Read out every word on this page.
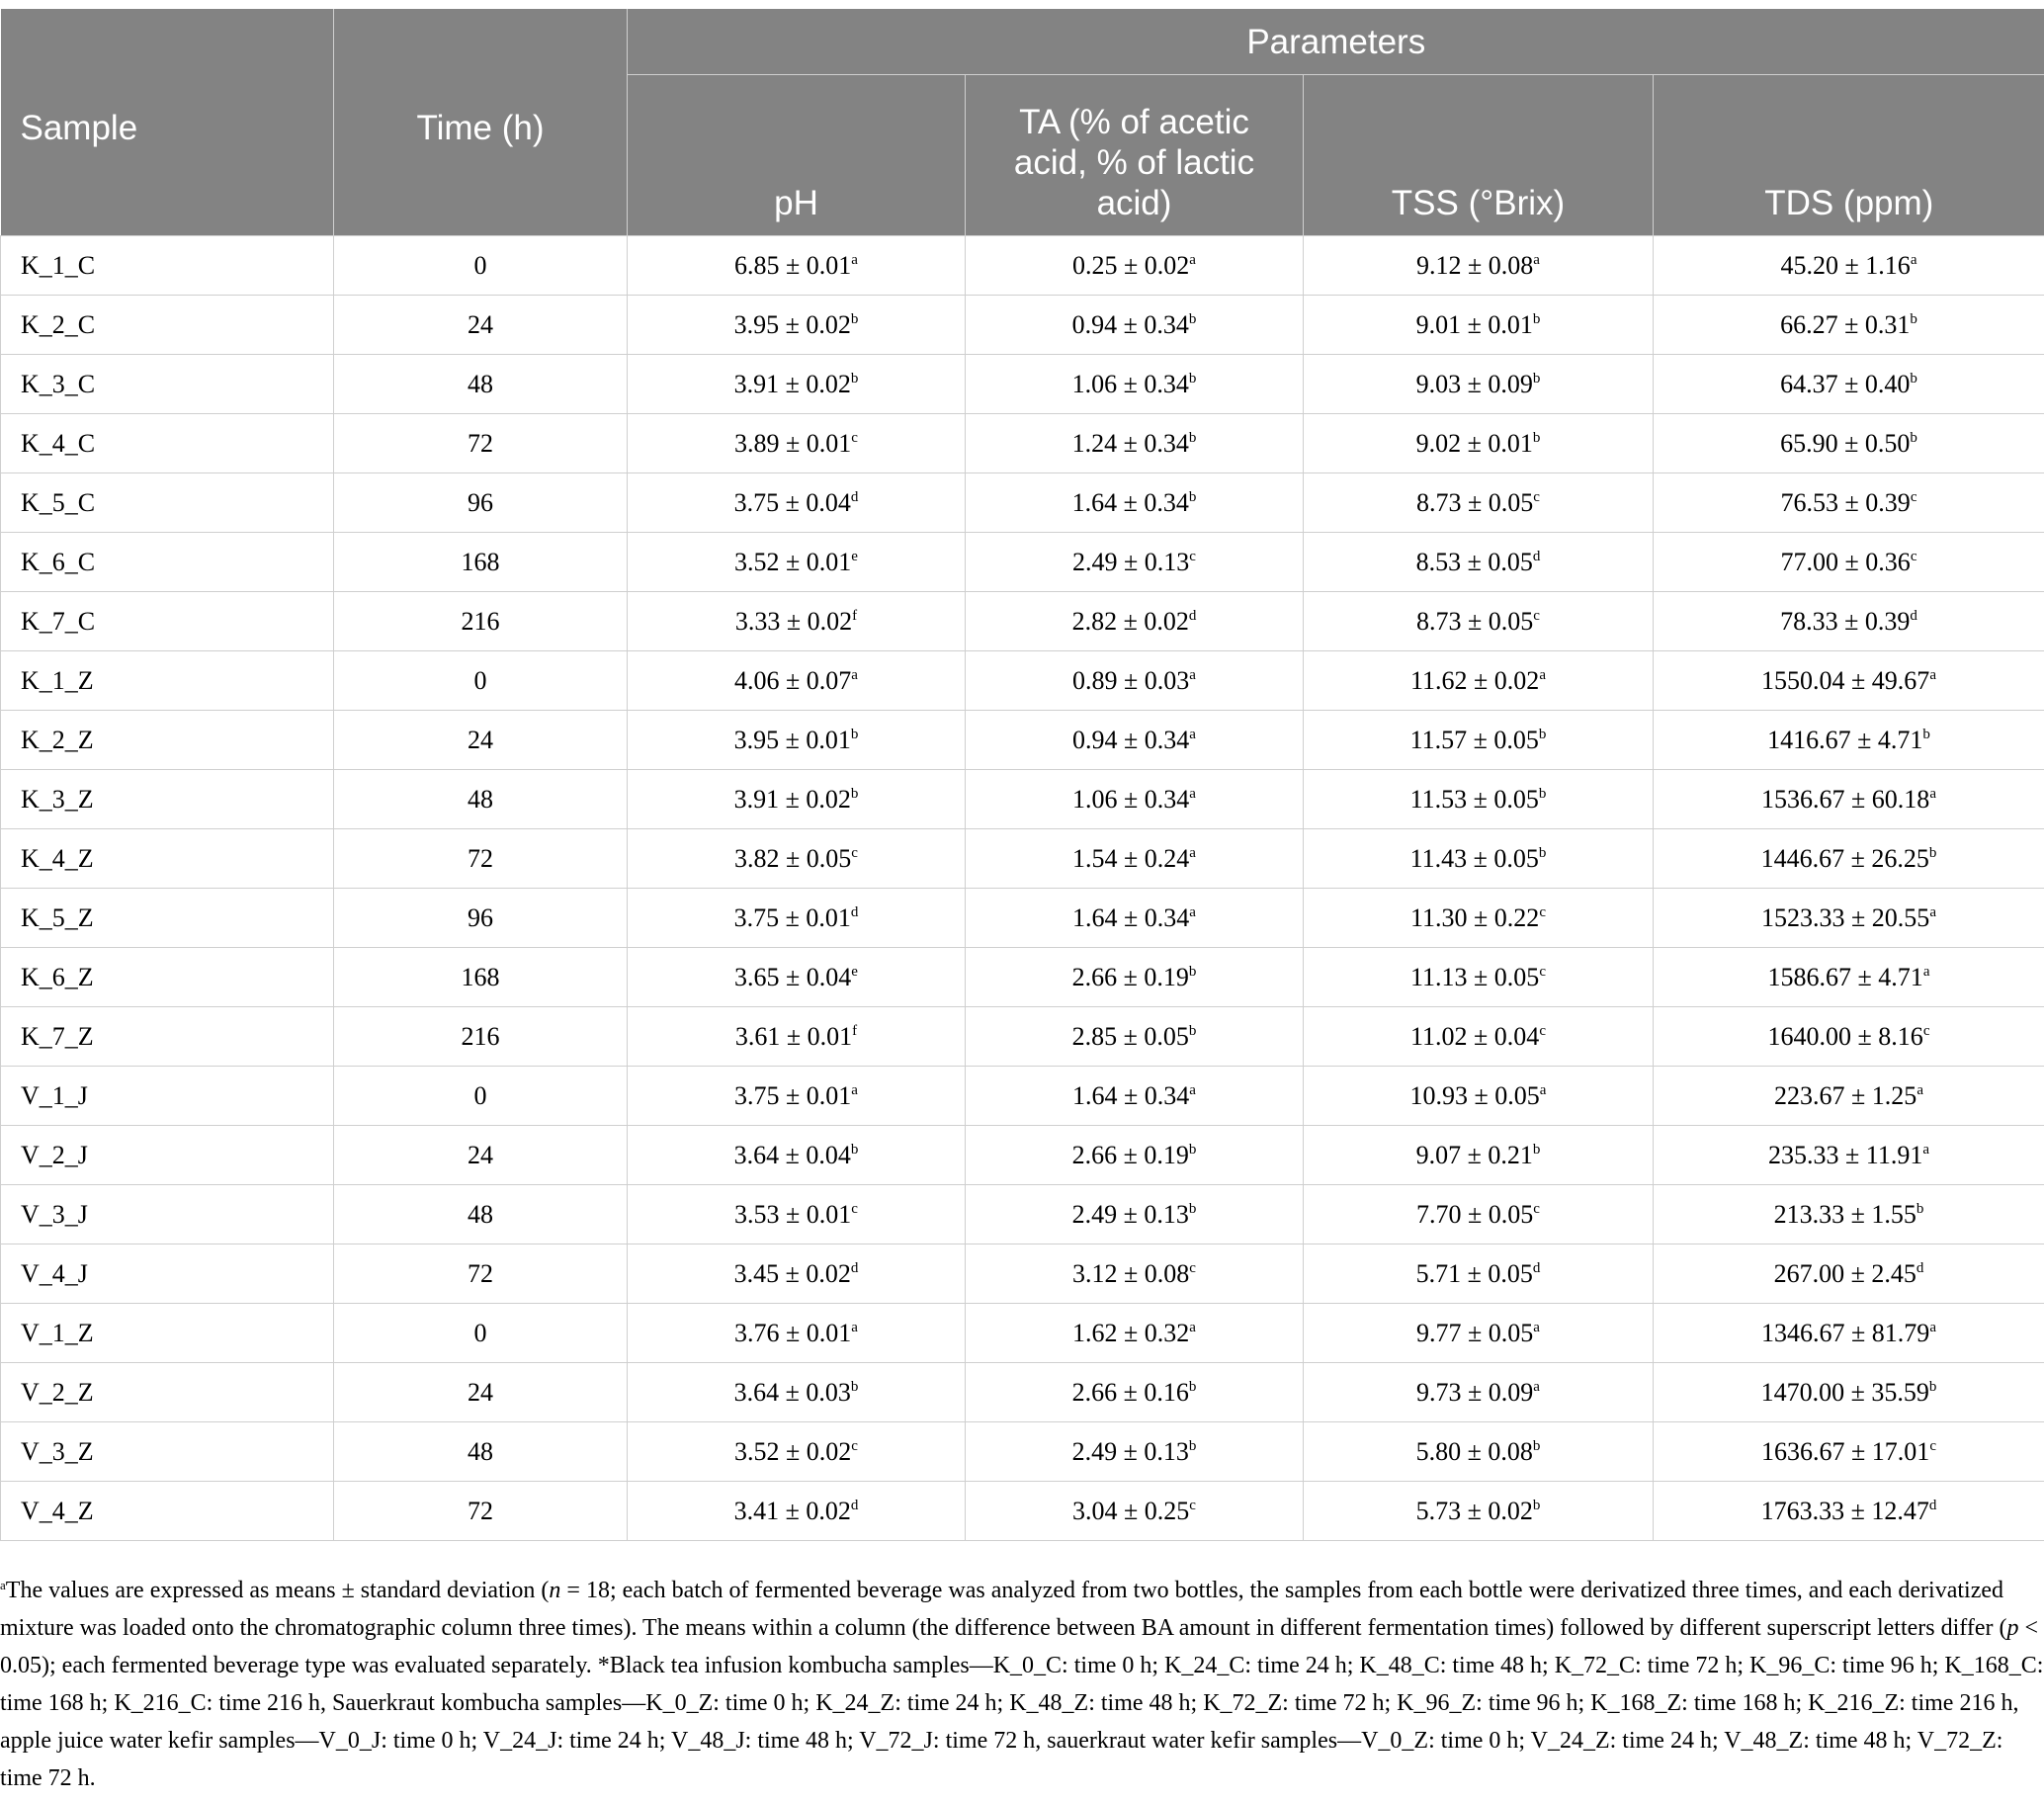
Sample	Time (h)	Parameters			
		pH	TA (% of acetic acid, % of lactic acid)	TSS (°Brix)	TDS (ppm)
K_1_C	0	6.85 ± 0.01$^a$	0.25 ± 0.02$^a$	9.12 ± 0.08$^a$	45.20 ± 1.16$^a$
K_2_C	24	3.95 ± 0.02$^b$	0.94 ± 0.34$^b$	9.01 ± 0.01$^b$	66.27 ± 0.31$^b$
K_3_C	48	3.91 ± 0.02$^b$	1.06 ± 0.34$^b$	9.03 ± 0.09$^b$	64.37 ± 0.40$^b$
K_4_C	72	3.89 ± 0.01$^c$	1.24 ± 0.34$^b$	9.02 ± 0.01$^b$	65.90 ± 0.50$^b$
K_5_C	96	3.75 ± 0.04$^d$	1.64 ± 0.34$^b$	8.73 ± 0.05$^c$	76.53 ± 0.39$^c$
K_6_C	168	3.52 ± 0.01$^e$	2.49 ± 0.13$^c$	8.53 ± 0.05$^d$	77.00 ± 0.36$^c$
K_7_C	216	3.33 ± 0.02$^f$	2.82 ± 0.02$^d$	8.73 ± 0.05$^c$	78.33 ± 0.39$^d$
K_1_Z	0	4.06 ± 0.07$^a$	0.89 ± 0.03$^a$	11.62 ± 0.02$^a$	1550.04 ± 49.67$^a$
K_2_Z	24	3.95 ± 0.01$^b$	0.94 ± 0.34$^a$	11.57 ± 0.05$^b$	1416.67 ± 4.71$^b$
K_3_Z	48	3.91 ± 0.02$^b$	1.06 ± 0.34$^a$	11.53 ± 0.05$^b$	1536.67 ± 60.18$^a$
K_4_Z	72	3.82 ± 0.05$^c$	1.54 ± 0.24$^a$	11.43 ± 0.05$^b$	1446.67 ± 26.25$^b$
K_5_Z	96	3.75 ± 0.01$^d$	1.64 ± 0.34$^a$	11.30 ± 0.22$^c$	1523.33 ± 20.55$^a$
K_6_Z	168	3.65 ± 0.04$^e$	2.66 ± 0.19$^b$	11.13 ± 0.05$^c$	1586.67 ± 4.71$^a$
K_7_Z	216	3.61 ± 0.01$^f$	2.85 ± 0.05$^b$	11.02 ± 0.04$^c$	1640.00 ± 8.16$^c$
V_1_J	0	3.75 ± 0.01$^a$	1.64 ± 0.34$^a$	10.93 ± 0.05$^a$	223.67 ± 1.25$^a$
V_2_J	24	3.64 ± 0.04$^b$	2.66 ± 0.19$^b$	9.07 ± 0.21$^b$	235.33 ± 11.91$^a$
V_3_J	48	3.53 ± 0.01$^c$	2.49 ± 0.13$^b$	7.70 ± 0.05$^c$	213.33 ± 1.55$^b$
V_4_J	72	3.45 ± 0.02$^d$	3.12 ± 0.08$^c$	5.71 ± 0.05$^d$	267.00 ± 2.45$^d$
V_1_Z	0	3.76 ± 0.01$^a$	1.62 ± 0.32$^a$	9.77 ± 0.05$^a$	1346.67 ± 81.79$^a$
V_2_Z	24	3.64 ± 0.03$^b$	2.66 ± 0.16$^b$	9.73 ± 0.09$^a$	1470.00 ± 35.59$^b$
V_3_Z	48	3.52 ± 0.02$^c$	2.49 ± 0.13$^b$	5.80 ± 0.08$^b$	1636.67 ± 17.01$^c$
V_4_Z	72	3.41 ± 0.02$^d$	3.04 ± 0.25$^c$	5.73 ± 0.02$^b$	1763.33 ± 12.47$^d$

$^a$The values are expressed as means ± standard deviation (n = 18; each batch of fermented beverage was analyzed from two bottles, the samples from each bottle were derivatized three times, and each derivatized mixture was loaded onto the chromatographic column three times). The means within a column (the difference between BA amount in different fermentation times) followed by different superscript letters differ (p < 0.05); each fermented beverage type was evaluated separately. *Black tea infusion kombucha samples—K_0_C: time 0 h; K_24_C: time 24 h; K_48_C: time 48 h; K_72_C: time 72 h; K_96_C: time 96 h; K_168_C: time 168 h; K_216_C: time 216 h, Sauerkraut kombucha samples—K_0_Z: time 0 h; K_24_Z: time 24 h; K_48_Z: time 48 h; K_72_Z: time 72 h; K_96_Z: time 96 h; K_168_Z: time 168 h; K_216_Z: time 216 h, apple juice water kefir samples—V_0_J: time 0 h; V_24_J: time 24 h; V_48_J: time 48 h; V_72_J: time 72 h, sauerkraut water kefir samples—V_0_Z: time 0 h; V_24_Z: time 24 h; V_48_Z: time 48 h; V_72_Z: time 72 h.
